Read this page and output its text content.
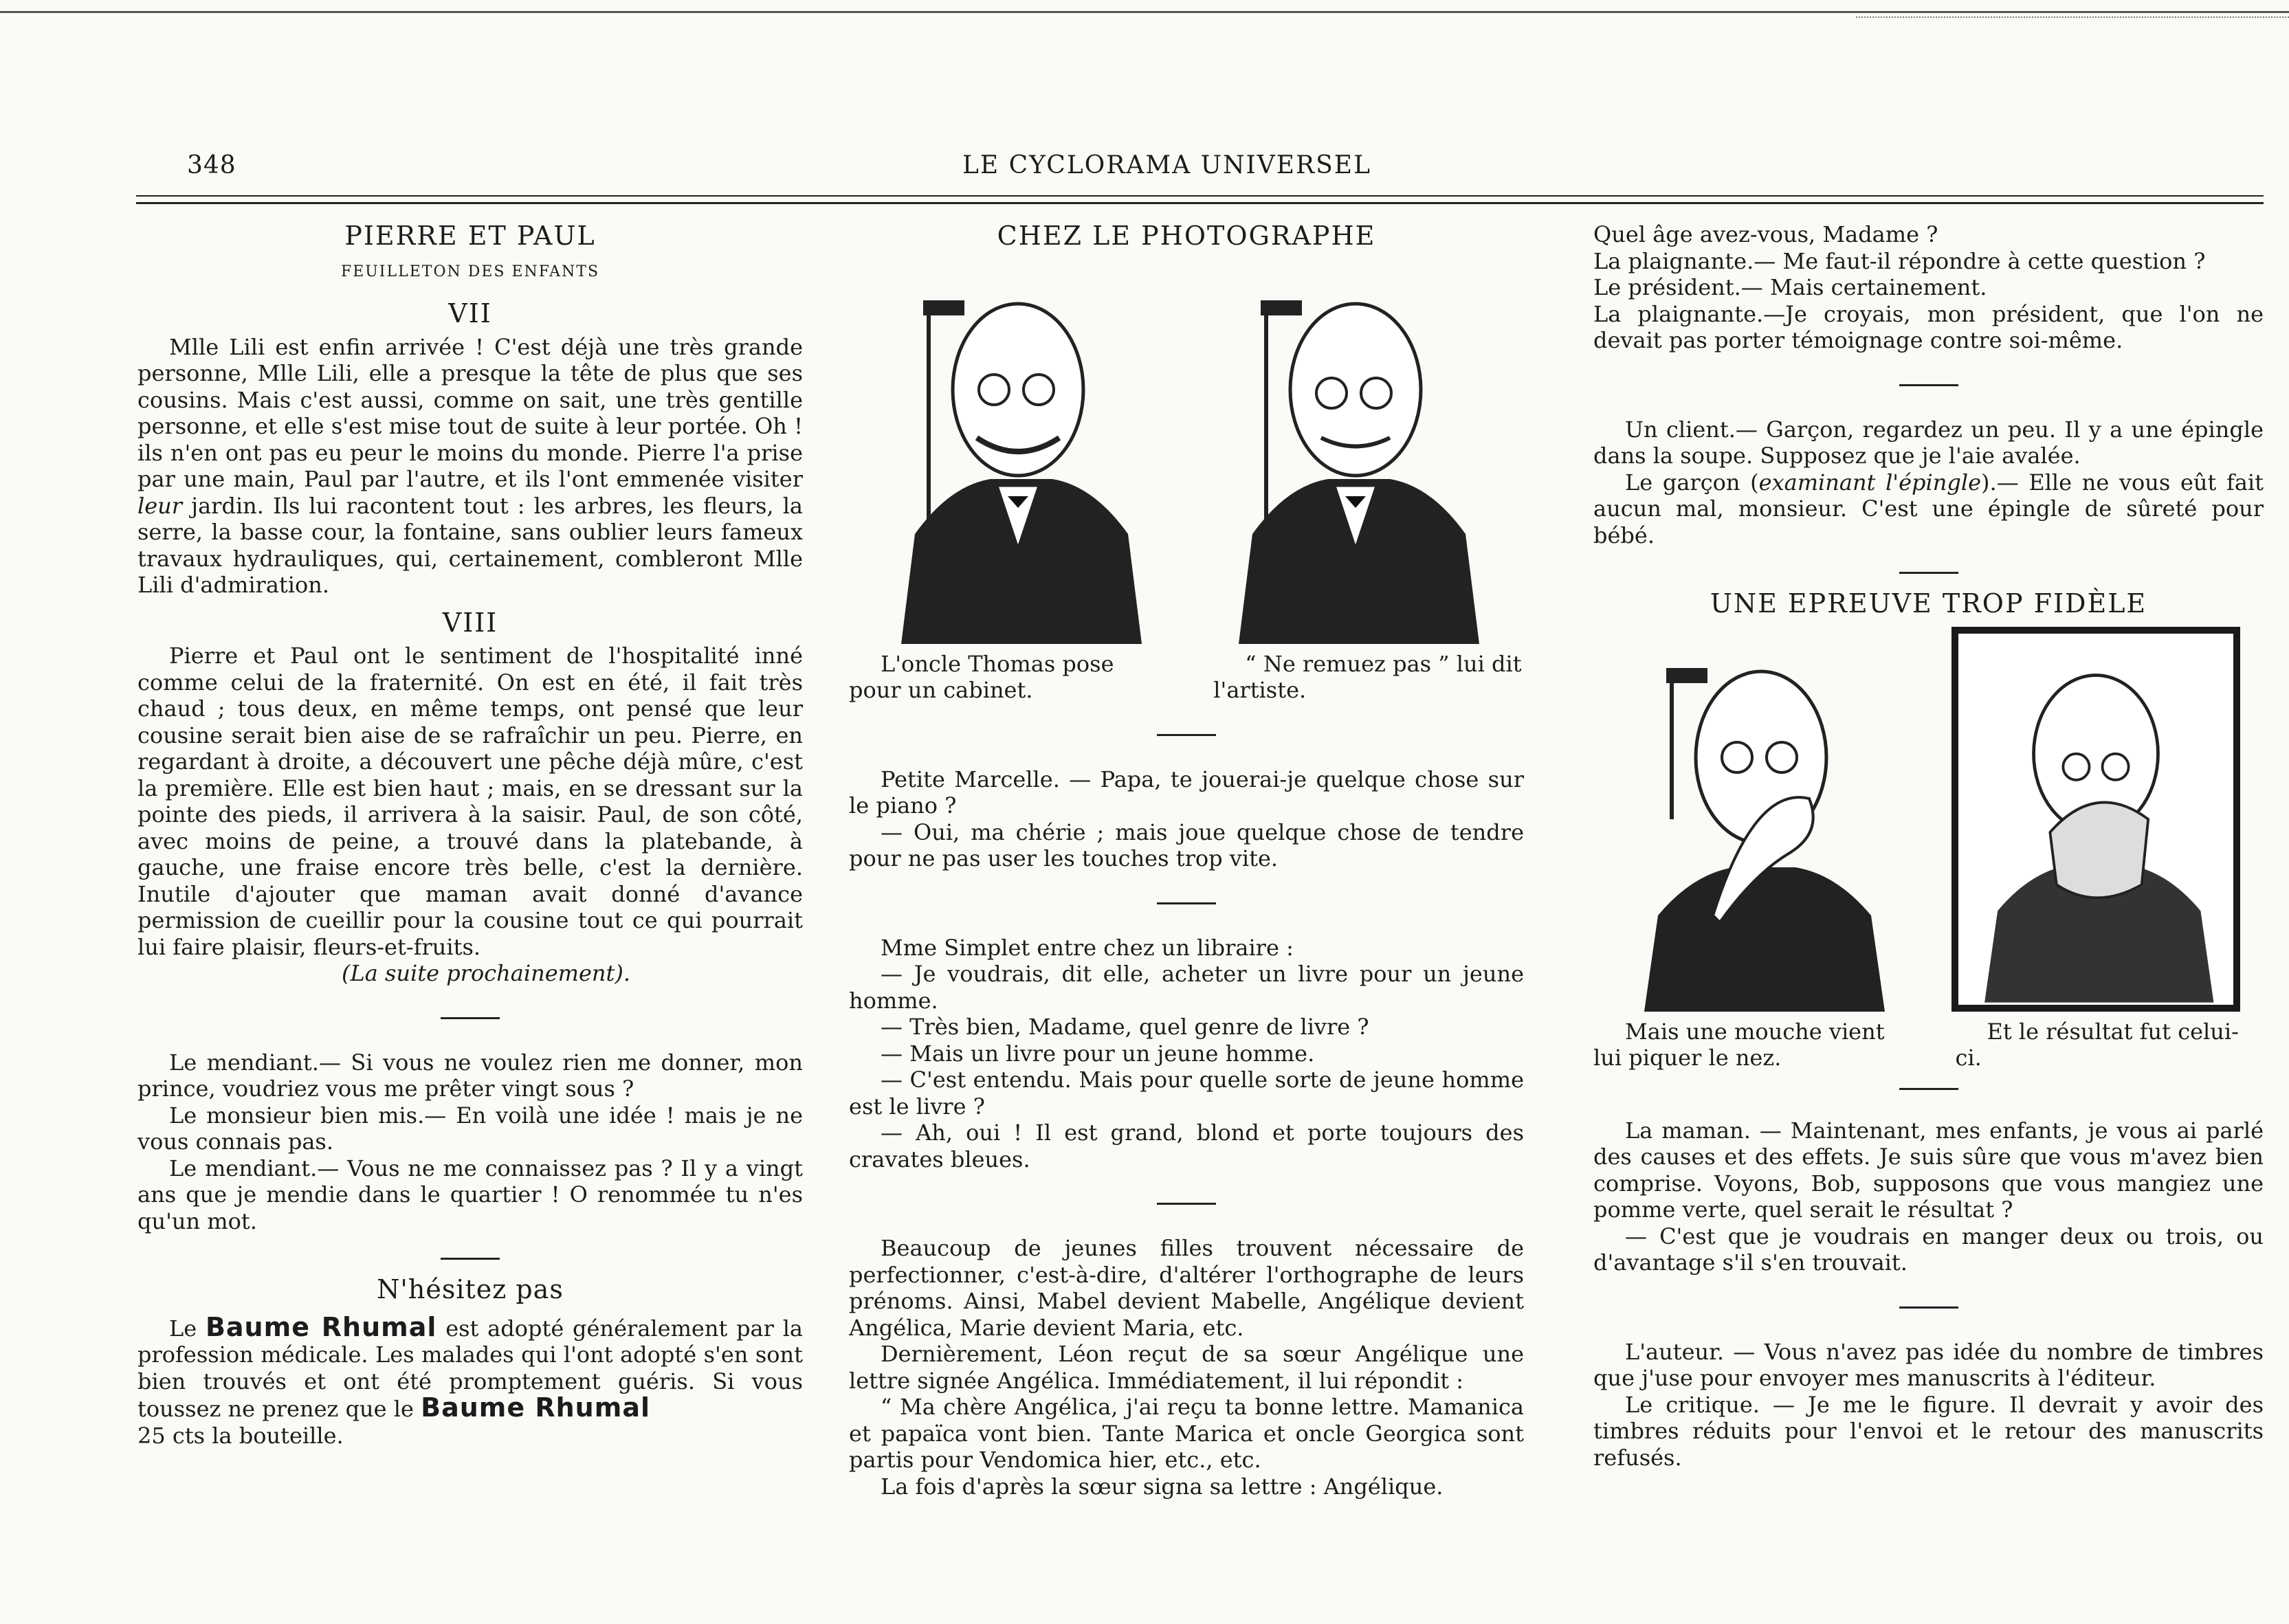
348	LE CYCLORAMA UNIVERSEL
PIERRE ET PAUL
FEUILLETON DES ENFANTS
VII

Mlle Lili est enfin arrivée ! C'est déjà une très grande personne, Mlle Lili, elle a presque la tête de plus que ses cousins. Mais c'est aussi, comme on sait, une très gentille personne, et elle s'est mise tout de suite à leur portée. Oh ! ils n'en ont pas eu peur le moins du monde. Pierre l'a prise par une main, Paul par l'autre, et ils l'ont emmenée visiter leur jardin. Ils lui racontent tout : les arbres, les fleurs, la serre, la basse cour, la fontaine, sans oublier leurs fameux travaux hydrauliques, qui, certainement, combleront Mlle Lili d'admiration.

VIII

Pierre et Paul ont le sentiment de l'hospitalité inné comme celui de la fraternité. On est en été, il fait très chaud ; tous deux, en même temps, ont pensé que leur cousine serait bien aise de se rafraîchir un peu. Pierre, en regardant à droite, a découvert une pêche déjà mûre, c'est la première. Elle est bien haut ; mais, en se dressant sur la pointe des pieds, il arrivera à la saisir. Paul, de son côté, avec moins de peine, a trouvé dans la platebande, à gauche, une fraise encore très belle, c'est la dernière. Inutile d'ajouter que maman avait donné d'avance permission de cueillir pour la cousine tout ce qui pourrait lui faire plaisir, fleurs-et-fruits.

(La suite prochainement).

Le mendiant.— Si vous ne voulez rien me donner, mon prince, voudriez vous me prêter vingt sous ?

Le monsieur bien mis.— En voilà une idée ! mais je ne vous connais pas.

Le mendiant.— Vous ne me connaissez pas ? Il y a vingt ans que je mendie dans le quartier ! O renommée tu n'es qu'un mot.

N'hésitez pas

Le Baume Rhumal est adopté généralement par la profession médicale. Les malades qui l'ont adopté s'en sont bien trouvés et ont été promptement guéris. Si vous toussez ne prenez que le Baume Rhumal

25 cts la bouteille.

CHEZ LE PHOTOGRAPHE

L'oncle Thomas pose pour un cabinet.

“ Ne remuez pas ” lui dit l'artiste.

Petite Marcelle. — Papa, te jouerai-je quelque chose sur le piano ?

— Oui, ma chérie ; mais joue quelque chose de tendre pour ne pas user les touches trop vite.

Mme Simplet entre chez un libraire :

— Je voudrais, dit elle, acheter un livre pour un jeune homme.

— Très bien, Madame, quel genre de livre ?

— Mais un livre pour un jeune homme.

— C'est entendu. Mais pour quelle sorte de jeune homme est le livre ?

— Ah, oui ! Il est grand, blond et porte toujours des cravates bleues.

Beaucoup de jeunes filles trouvent nécessaire de perfectionner, c'est-à-dire, d'altérer l'orthographe de leurs prénoms. Ainsi, Mabel devient Mabelle, Angélique devient Angélica, Marie devient Maria, etc.

Dernièrement, Léon reçut de sa sœur Angélique une lettre signée Angélica. Immédiatement, il lui répondit :

“ Ma chère Angélica, j'ai reçu ta bonne lettre. Mamanica et papaïca vont bien. Tante Marica et oncle Georgica sont partis pour Vendomica hier, etc., etc.

La fois d'après la sœur signa sa lettre : Angélique.

Quel âge avez-vous, Madame ?

La plaignante.— Me faut-il répondre à cette question ?

Le président.— Mais certainement.

La plaignante.—Je croyais, mon président, que l'on ne devait pas porter témoignage contre soi-même.

Un client.— Garçon, regardez un peu. Il y a une épingle dans la soupe. Supposez que je l'aie avalée.

Le garçon (examinant l'épingle).— Elle ne vous eût fait aucun mal, monsieur. C'est une épingle de sûreté pour bébé.

UNE EPREUVE TROP FIDÈLE

Mais une mouche vient lui piquer le nez.

Et le résultat fut celui-ci.

La maman. — Maintenant, mes enfants, je vous ai parlé des causes et des effets. Je suis sûre que vous m'avez bien comprise. Voyons, Bob, supposons que vous mangiez une pomme verte, quel serait le résultat ?

— C'est que je voudrais en manger deux ou trois, ou d'avantage s'il s'en trouvait.

L'auteur. — Vous n'avez pas idée du nombre de timbres que j'use pour envoyer mes manuscrits à l'éditeur.

Le critique. — Je me le figure. Il devrait y avoir des timbres réduits pour l'envoi et le retour des manuscrits refusés.
